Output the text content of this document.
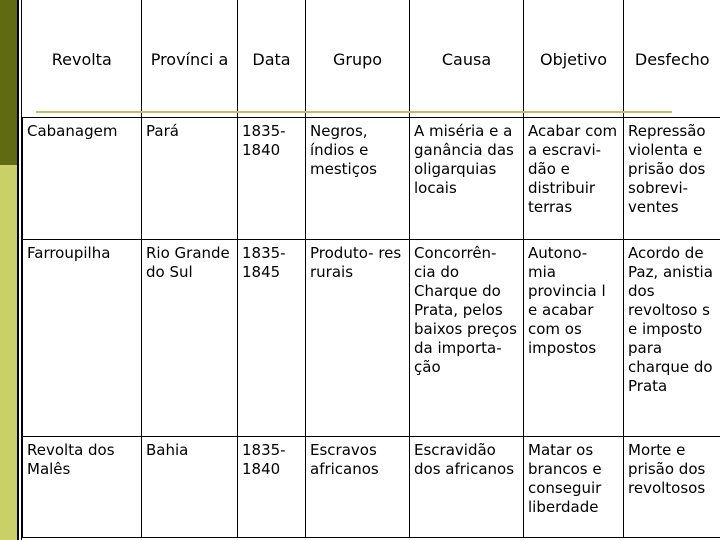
Revolta	Provínci a	Data	Grupo	Causa	Objetivo	Desfecho
Cabanagem	Pará	1835- 1840	Negros, índios e mestiços	A miséria e a ganância das oligarquias locais	Acabar com a escravi- dão e distribuir terras	Repressão violenta e prisão dos sobrevi- ventes
Farroupilha	Rio Grande do Sul	1835- 1845	Produto- res rurais	Concorrên- cia do Charque do Prata, pelos baixos preços da importa- ção	Autono- mia provincia l e acabar com os impostos	Acordo de Paz, anistia dos revoltoso s e imposto para charque do Prata
Revolta dos Malês	Bahia	1835- 1840	Escravos africanos	Escravidão dos africanos	Matar os brancos e conseguir liberdade	Morte e prisão dos revoltosos
